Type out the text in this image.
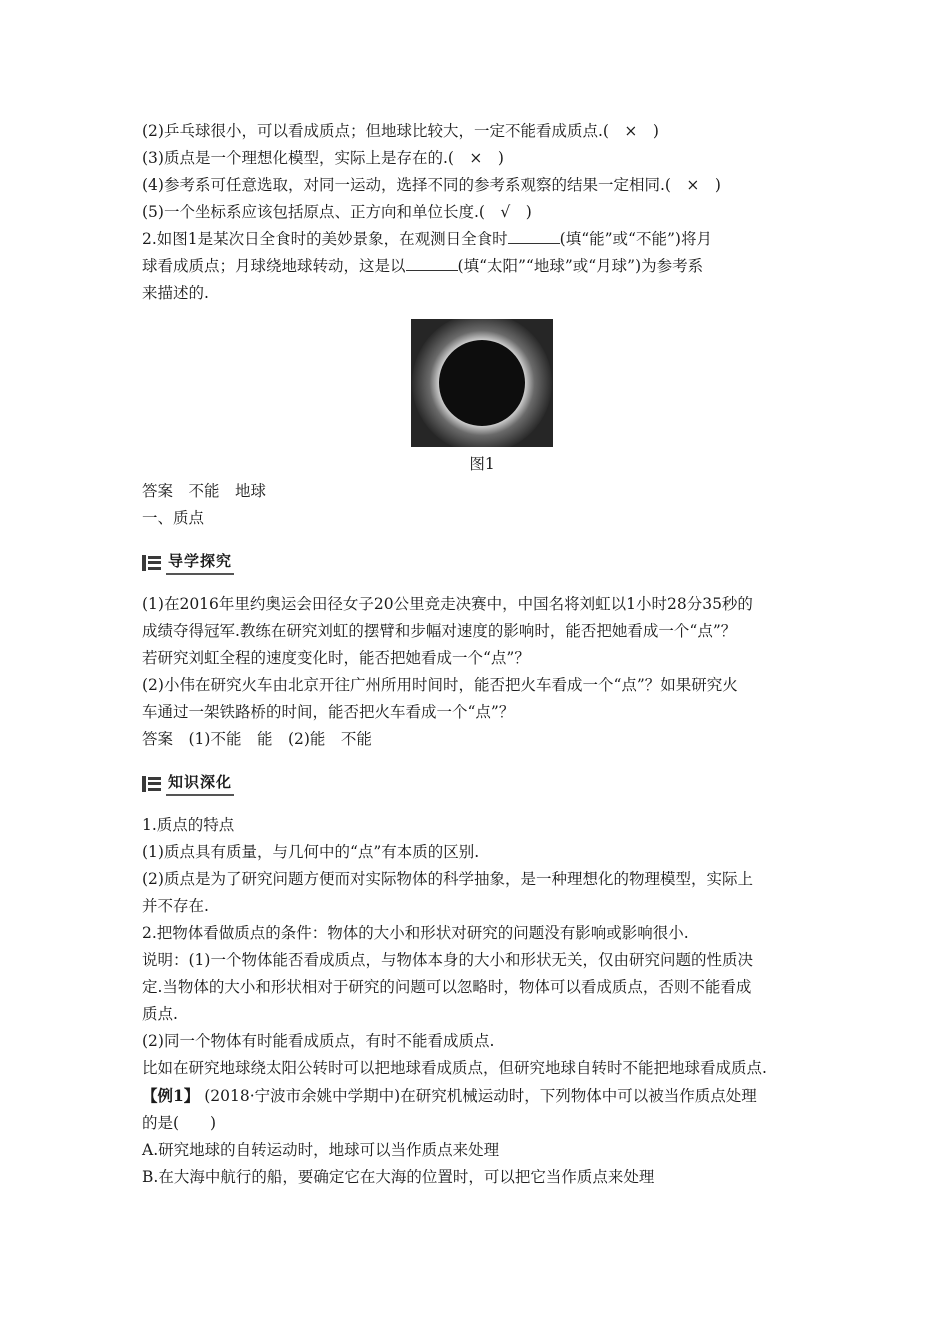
(2)乒乓球很小，可以看成质点；但地球比较大，一定不能看成质点.(　×　)
(3)质点是一个理想化模型，实际上是存在的.(　×　)
(4)参考系可任意选取，对同一运动，选择不同的参考系观察的结果一定相同.(　×　)
(5)一个坐标系应该包括原点、正方向和单位长度.(　√　)
2.如图1是某次日全食时的美妙景象，在观测日全食时	(填“能”或“不能”)将月
球看成质点；月球绕地球转动，这是以	(填“太阳”“地球”或“月球”)为参考系
来描述的.
图1
答案　不能　地球
一、质点
导学探究
(1)在2016年里约奥运会田径女子20公里竞走决赛中，中国名将刘虹以1小时28分35秒的
成绩夺得冠军.教练在研究刘虹的摆臂和步幅对速度的影响时，能否把她看成一个“点”？
若研究刘虹全程的速度变化时，能否把她看成一个“点”？
(2)小伟在研究火车由北京开往广州所用时间时，能否把火车看成一个“点”？如果研究火
车通过一架铁路桥的时间，能否把火车看成一个“点”？
答案　(1)不能　能　(2)能　不能
知识深化
1.质点的特点
(1)质点具有质量，与几何中的“点”有本质的区别.
(2)质点是为了研究问题方便而对实际物体的科学抽象，是一种理想化的物理模型，实际上
并不存在.
2.把物体看做质点的条件：物体的大小和形状对研究的问题没有影响或影响很小.
说明：(1)一个物体能否看成质点，与物体本身的大小和形状无关，仅由研究问题的性质决
定.当物体的大小和形状相对于研究的问题可以忽略时，物体可以看成质点，否则不能看成
质点.
(2)同一个物体有时能看成质点，有时不能看成质点.
比如在研究地球绕太阳公转时可以把地球看成质点，但研究地球自转时不能把地球看成质点.
【例1】 (2018·宁波市余姚中学期中)在研究机械运动时，下列物体中可以被当作质点处理
的是(　　)
A.研究地球的自转运动时，地球可以当作质点来处理
B.在大海中航行的船，要确定它在大海的位置时，可以把它当作质点来处理
